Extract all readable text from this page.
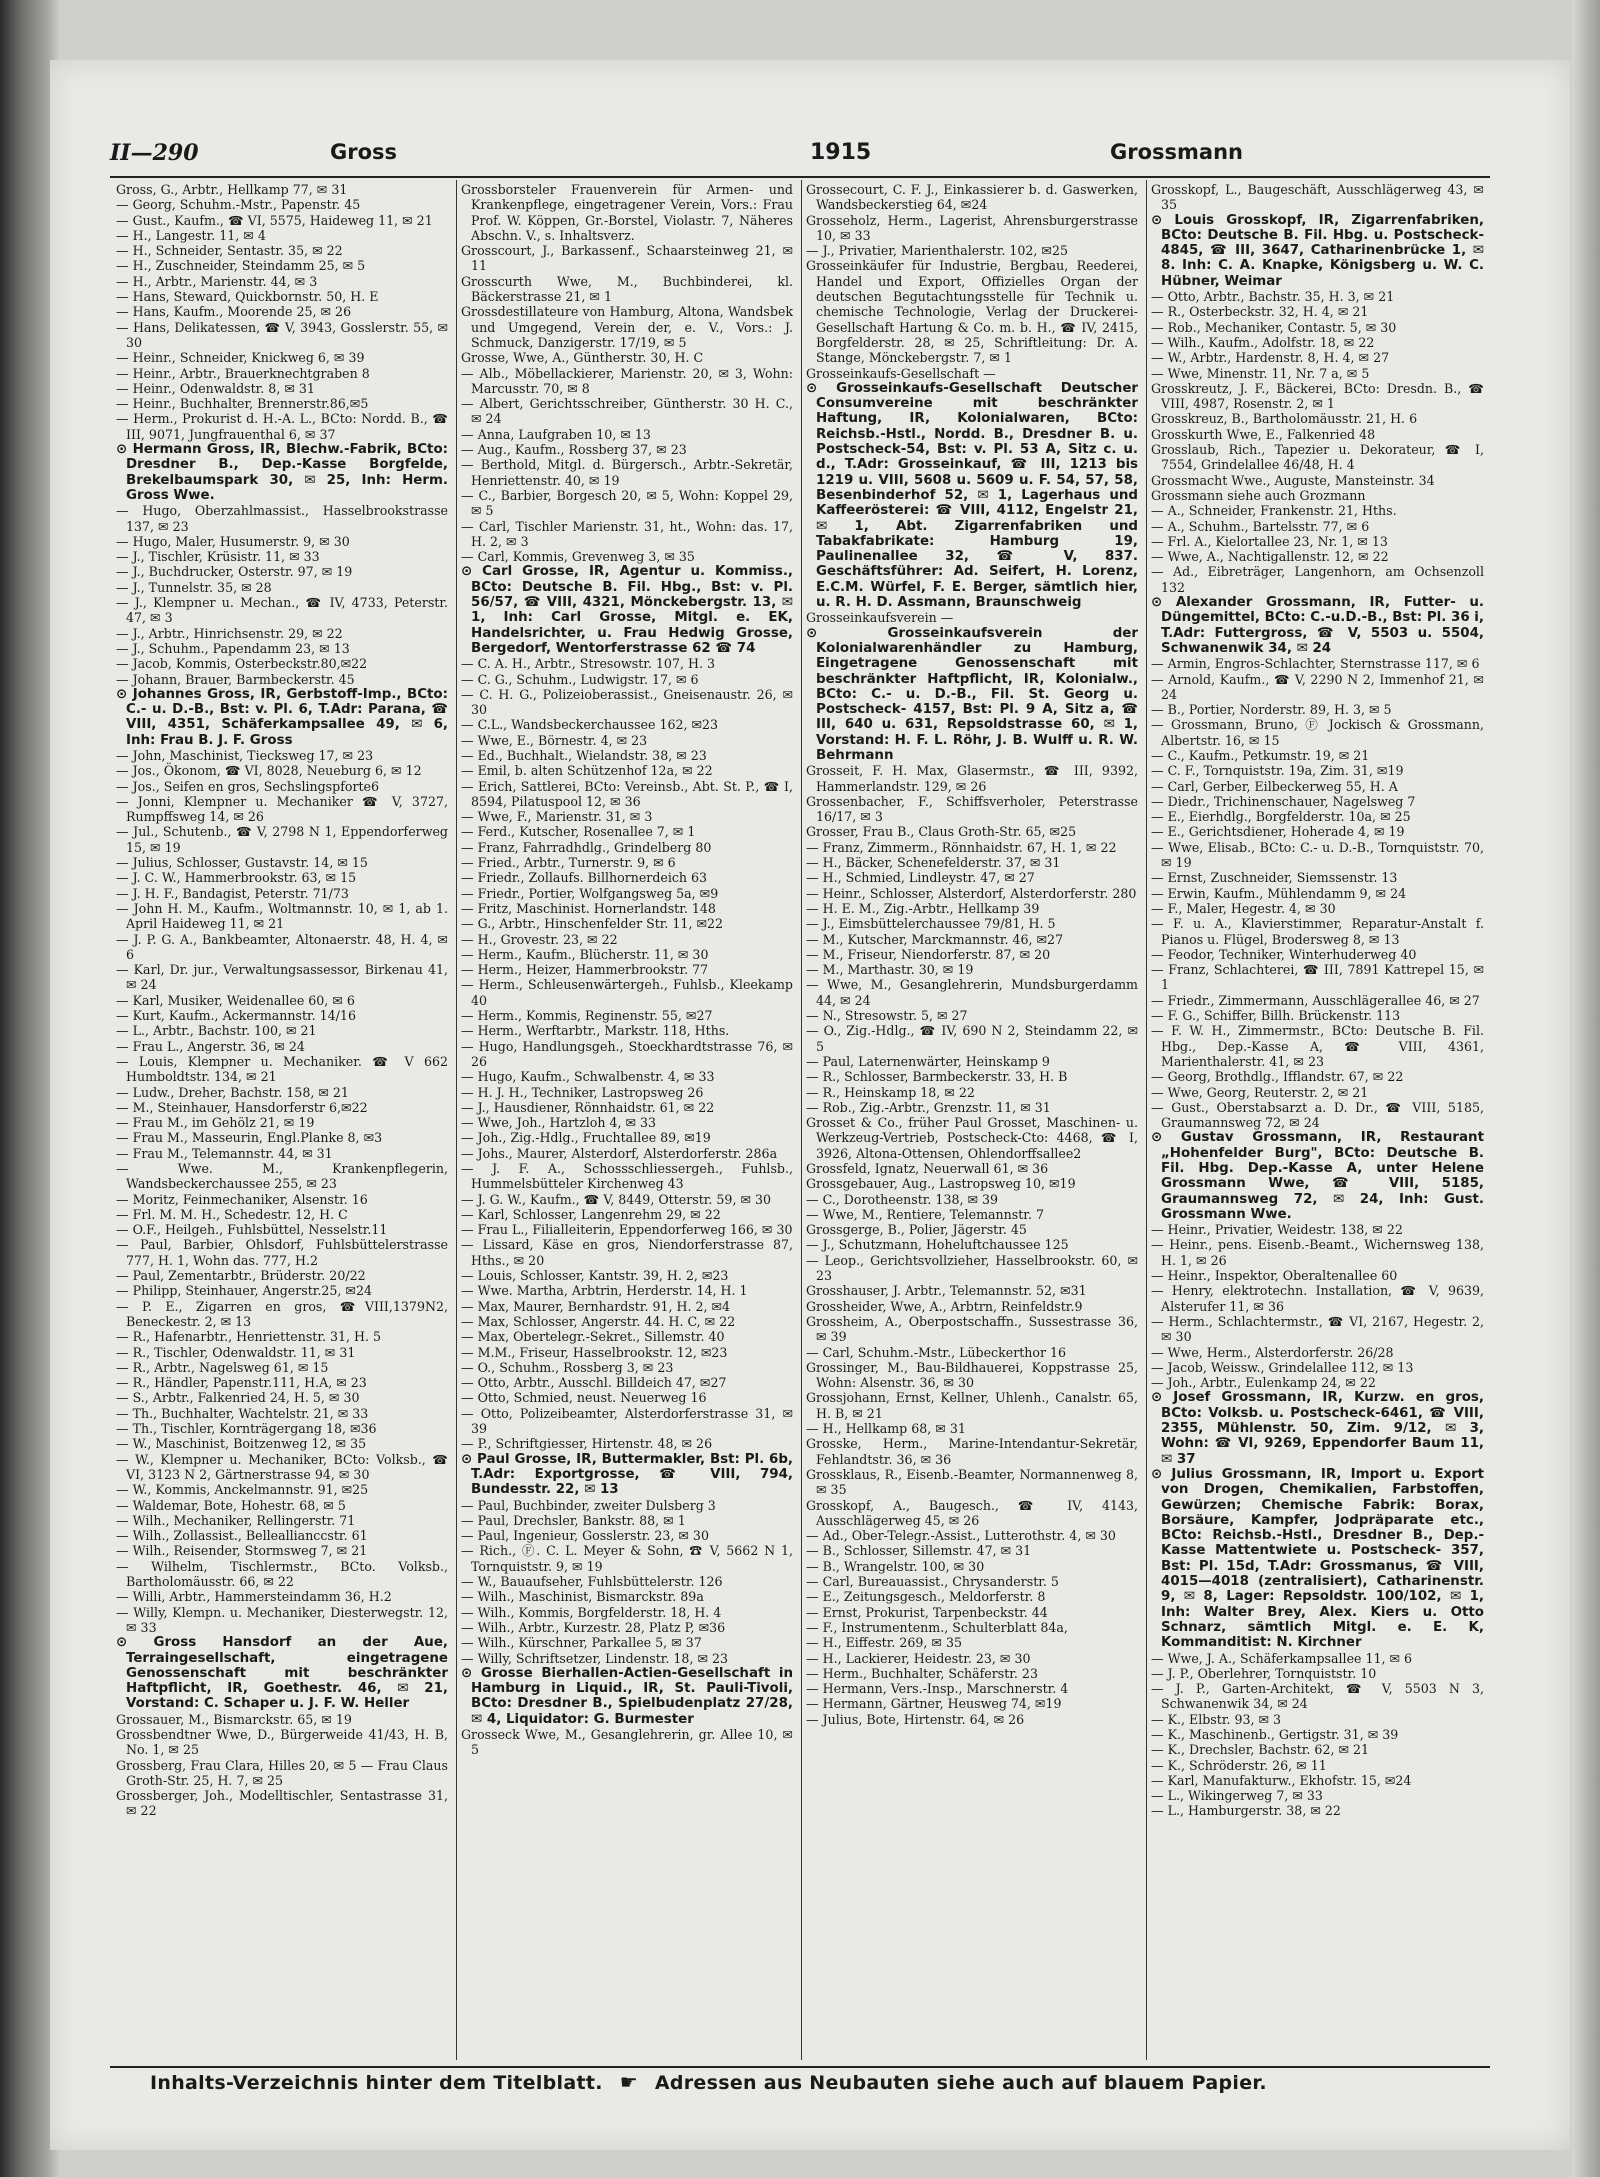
II—290	Gross	1915	Grossmann

Gross, G., Arbtr., Hellkamp 77, ✉ 31

— Georg, Schuhm.-Mstr., Papenstr. 45

— Gust., Kaufm., ☎ VI, 5575, Haideweg 11, ✉ 21

— H., Langestr. 11, ✉ 4

— H., Schneider, Sentastr. 35, ✉ 22

— H., Zuschneider, Steindamm 25, ✉ 5

— H., Arbtr., Marienstr. 44, ✉ 3

— Hans, Steward, Quickbornstr. 50, H. E

— Hans, Kaufm., Moorende 25, ✉ 26

— Hans, Delikatessen, ☎ V, 3943, Gosslerstr. 55, ✉ 30

— Heinr., Schneider, Knickweg 6, ✉ 39

— Heinr., Arbtr., Brauerknechtgraben 8

— Heinr., Odenwaldstr. 8, ✉ 31

— Heinr., Buchhalter, Brennerstr.86,✉5

— Herm., Prokurist d. H.-A. L., BCto: Nordd. B., ☎ III, 9071, Jungfrauenthal 6, ✉ 37

⊙ Hermann Gross, IR, Blechw.-Fabrik, BCto: Dresdner B., Dep.-Kasse Borgfelde, Brekelbaumspark 30, ✉ 25, Inh: Herm. Gross Wwe.

— Hugo, Oberzahlmassist., Hasselbrookstrasse 137, ✉ 23

— Hugo, Maler, Husumerstr. 9, ✉ 30

— J., Tischler, Krüsistr. 11, ✉ 33

— J., Buchdrucker, Osterstr. 97, ✉ 19

— J., Tunnelstr. 35, ✉ 28

— J., Klempner u. Mechan., ☎ IV, 4733, Peterstr. 47, ✉ 3

— J., Arbtr., Hinrichsenstr. 29, ✉ 22

— J., Schuhm., Papendamm 23, ✉ 13

— Jacob, Kommis, Osterbeckstr.80,✉22

— Johann, Brauer, Barmbeckerstr. 45

⊙ Johannes Gross, IR, Gerbstoff-Imp., BCto: C.- u. D.-B., Bst: v. Pl. 6, T.Adr: Parana, ☎ VIII, 4351, Schäferkampsallee 49, ✉ 6, Inh: Frau B. J. F. Gross

— John, Maschinist, Tiecksweg 17, ✉ 23

— Jos., Ökonom, ☎ VI, 8028, Neueburg 6, ✉ 12

— Jos., Seifen en gros, Sechslingspforte6

— Jonni, Klempner u. Mechaniker ☎ V, 3727, Rumpffsweg 14, ✉ 26

— Jul., Schutenb., ☎ V, 2798 N 1, Eppendorferweg 15, ✉ 19

— Julius, Schlosser, Gustavstr. 14, ✉ 15

— J. C. W., Hammerbrookstr. 63, ✉ 15

— J. H. F., Bandagist, Peterstr. 71/73

— John H. M., Kaufm., Woltmannstr. 10, ✉ 1, ab 1. April Haideweg 11, ✉ 21

— J. P. G. A., Bankbeamter, Altonaerstr. 48, H. 4, ✉ 6

— Karl, Dr. jur., Verwaltungsassessor, Birkenau 41, ✉ 24

— Karl, Musiker, Weidenallee 60, ✉ 6

— Kurt, Kaufm., Ackermannstr. 14/16

— L., Arbtr., Bachstr. 100, ✉ 21

— Frau L., Angerstr. 36, ✉ 24

— Louis, Klempner u. Mechaniker. ☎ V 662 Humboldtstr. 134, ✉ 21

— Ludw., Dreher, Bachstr. 158, ✉ 21

— M., Steinhauer, Hansdorferstr 6,✉22

— Frau M., im Gehölz 21, ✉ 19

— Frau M., Masseurin, Engl.Planke 8, ✉3

— Frau M., Telemannstr. 44, ✉ 31

— Wwe. M., Krankenpflegerin, Wandsbeckerchaussee 255, ✉ 23

— Moritz, Feinmechaniker, Alsenstr. 16

— Frl. M. M. H., Schedestr. 12, H. C

— O.F., Heilgeh., Fuhlsbüttel, Nesselstr.11

— Paul, Barbier, Ohlsdorf, Fuhlsbüttelerstrasse 777, H. 1, Wohn das. 777, H.2

— Paul, Zementarbtr., Brüderstr. 20/22

— Philipp, Steinhauer, Angerstr.25, ✉24

— P. E., Zigarren en gros, ☎VIII,1379N2, Beneckestr. 2, ✉ 13

— R., Hafenarbtr., Henriettenstr. 31, H. 5

— R., Tischler, Odenwaldstr. 11, ✉ 31

— R., Arbtr., Nagelsweg 61, ✉ 15

— R., Händler, Papenstr.111, H.A, ✉ 23

— S., Arbtr., Falkenried 24, H. 5, ✉ 30

— Th., Buchhalter, Wachtelstr. 21, ✉ 33

— Th., Tischler, Kornträgergang 18, ✉36

— W., Maschinist, Boitzenweg 12, ✉ 35

— W., Klempner u. Mechaniker, BCto: Volksb., ☎ VI, 3123 N 2, Gärtnerstrasse 94, ✉ 30

— W., Kommis, Anckelmannstr. 91, ✉25

— Waldemar, Bote, Hohestr. 68, ✉ 5

— Wilh., Mechaniker, Rellingerstr. 71

— Wilh., Zollassist., Belleallianccstr. 61

— Wilh., Reisender, Stormsweg 7, ✉ 21

— Wilhelm, Tischlermstr., BCto. Volksb., Bartholomäusstr. 66, ✉ 22

— Willi, Arbtr., Hammersteindamm 36, H.2

— Willy, Klempn. u. Mechaniker, Diesterwegstr. 12, ✉ 33

⊙ Gross Hansdorf an der Aue, Terraingesellschaft, eingetragene Genossenschaft mit beschränkter Haftpflicht, IR, Goethestr. 46, ✉ 21, Vorstand: C. Schaper u. J. F. W. Heller

Grossauer, M., Bismarckstr. 65, ✉ 19

Grossbendtner Wwe, D., Bürgerweide 41/43, H. B, No. 1, ✉ 25

Grossberg, Frau Clara, Hilles 20, ✉ 5 — Frau Claus Groth-Str. 25, H. 7, ✉ 25

Grossberger, Joh., Modelltischler, Sentastrasse 31, ✉ 22

Grossborsteler Frauenverein für Armen- und Krankenpflege, eingetragener Verein, Vors.: Frau Prof. W. Köppen, Gr.-Borstel, Violastr. 7, Näheres Abschn. V., s. Inhaltsverz.

Grosscourt, J., Barkassenf., Schaarsteinweg 21, ✉ 11

Grosscurth Wwe, M., Buchbinderei, kl. Bäckerstrasse 21, ✉ 1

Grossdestillateure von Hamburg, Altona, Wandsbek und Umgegend, Verein der, e. V., Vors.: J. Schmuck, Danzigerstr. 17/19, ✉ 5

Grosse, Wwe, A., Güntherstr. 30, H. C

— Alb., Möbellackierer, Marienstr. 20, ✉ 3, Wohn: Marcusstr. 70, ✉ 8

— Albert, Gerichtsschreiber, Güntherstr. 30 H. C., ✉ 24

— Anna, Laufgraben 10, ✉ 13

— Aug., Kaufm., Rossberg 37, ✉ 23

— Berthold, Mitgl. d. Bürgersch., Arbtr.-Sekretär, Henriettenstr. 40, ✉ 19

— C., Barbier, Borgesch 20, ✉ 5, Wohn: Koppel 29, ✉ 5

— Carl, Tischler Marienstr. 31, ht., Wohn: das. 17, H. 2, ✉ 3

— Carl, Kommis, Grevenweg 3, ✉ 35

⊙ Carl Grosse, IR, Agentur u. Kommiss., BCto: Deutsche B. Fil. Hbg., Bst: v. Pl. 56/57, ☎ VIII, 4321, Mönckebergstr. 13, ✉ 1, Inh: Carl Grosse, Mitgl. e. EK, Handelsrichter, u. Frau Hedwig Grosse, Bergedorf, Wentorferstrasse 62 ☎ 74

— C. A. H., Arbtr., Stresowstr. 107, H. 3

— C. G., Schuhm., Ludwigstr. 17, ✉ 6

— C. H. G., Polizeioberassist., Gneisenaustr. 26, ✉ 30

— C.L., Wandsbeckerchaussee 162, ✉23

— Wwe, E., Börnestr. 4, ✉ 23

— Ed., Buchhalt., Wielandstr. 38, ✉ 23

— Emil, b. alten Schützenhof 12a, ✉ 22

— Erich, Sattlerei, BCto: Vereinsb., Abt. St. P., ☎ I, 8594, Pilatuspool 12, ✉ 36

— Wwe, F., Marienstr. 31, ✉ 3

— Ferd., Kutscher, Rosenallee 7, ✉ 1

— Franz, Fahrradhdlg., Grindelberg 80

— Fried., Arbtr., Turnerstr. 9, ✉ 6

— Friedr., Zollaufs. Billhornerdeich 63

— Friedr., Portier, Wolfgangsweg 5a, ✉9

— Fritz, Maschinist. Hornerlandstr. 148

— G., Arbtr., Hinschenfelder Str. 11, ✉22

— H., Grovestr. 23, ✉ 22

— Herm., Kaufm., Blücherstr. 11, ✉ 30

— Herm., Heizer, Hammerbrookstr. 77

— Herm., Schleusenwärtergeh., Fuhlsb., Kleekamp 40

— Herm., Kommis, Reginenstr. 55, ✉27

— Herm., Werftarbtr., Markstr. 118, Hths.

— Hugo, Handlungsgeh., Stoeckhardtstrasse 76, ✉ 26

— Hugo, Kaufm., Schwalbenstr. 4, ✉ 33

— H. J. H., Techniker, Lastropsweg 26

— J., Hausdiener, Rönnhaidstr. 61, ✉ 22

— Wwe, Joh., Hartzloh 4, ✉ 33

— Joh., Zig.-Hdlg., Fruchtallee 89, ✉19

— Johs., Maurer, Alsterdorf, Alsterdorferstr. 286a

— J. F. A., Schossschliessergeh., Fuhlsb., Hummelsbütteler Kirchenweg 43

— J. G. W., Kaufm., ☎ V, 8449, Otterstr. 59, ✉ 30

— Karl, Schlosser, Langenrehm 29, ✉ 22

— Frau L., Filialleiterin, Eppendorferweg 166, ✉ 30

— Lissard, Käse en gros, Niendorferstrasse 87, Hths., ✉ 20

— Louis, Schlosser, Kantstr. 39, H. 2, ✉23

— Wwe. Martha, Arbtrin, Herderstr. 14, H. 1

— Max, Maurer, Bernhardstr. 91, H. 2, ✉4

— Max, Schlosser, Angerstr. 44. H. C, ✉ 22

— Max, Obertelegr.-Sekret., Sillemstr. 40

— M.M., Friseur, Hasselbrookstr. 12, ✉23

— O., Schuhm., Rossberg 3, ✉ 23

— Otto, Arbtr., Ausschl. Billdeich 47, ✉27

— Otto, Schmied, neust. Neuerweg 16

— Otto, Polizeibeamter, Alsterdorferstrasse 31, ✉ 39

— P., Schriftgiesser, Hirtenstr. 48, ✉ 26

⊙ Paul Grosse, IR, Buttermakler, Bst: Pl. 6b, T.Adr: Exportgrosse, ☎ VIII, 794, Bundesstr. 22, ✉ 13

— Paul, Buchbinder, zweiter Dulsberg 3

— Paul, Drechsler, Bankstr. 88, ✉ 1

— Paul, Ingenieur, Gosslerstr. 23, ✉ 30

— Rich., Ⓕ. C. L. Meyer & Sohn, ☎ V, 5662 N 1, Tornquiststr. 9, ✉ 19

— W., Bauaufseher, Fuhlsbüttelerstr. 126

— Wilh., Maschinist, Bismarckstr. 89a

— Wilh., Kommis, Borgfelderstr. 18, H. 4

— Wilh., Arbtr., Kurzestr. 28, Platz P, ✉36

— Wilh., Kürschner, Parkallee 5, ✉ 37

— Willy, Schriftsetzer, Lindenstr. 18, ✉ 23

⊙ Grosse Bierhallen-Actien-Gesellschaft in Hamburg in Liquid., IR, St. Pauli-Tivoli, BCto: Dresdner B., Spielbudenplatz 27/28, ✉ 4, Liquidator: G. Burmester

Grosseck Wwe, M., Gesanglehrerin, gr. Allee 10, ✉ 5

Grossecourt, C. F. J., Einkassierer b. d. Gaswerken, Wandsbeckerstieg 64, ✉24

Grosseholz, Herm., Lagerist, Ahrensburgerstrasse 10, ✉ 33

— J., Privatier, Marienthalerstr. 102, ✉25

Grosseinkäufer für Industrie, Bergbau, Reederei, Handel und Export, Offizielles Organ der deutschen Begutachtungsstelle für Technik u. chemische Technologie, Verlag der Druckerei-Gesellschaft Hartung & Co. m. b. H., ☎ IV, 2415, Borgfelderstr. 28, ✉ 25, Schriftleitung: Dr. A. Stange, Mönckebergstr. 7, ✉ 1

Grosseinkaufs-Gesellschaft —

⊙ Grosseinkaufs-Gesellschaft Deutscher Consumvereine mit beschränkter Haftung, IR, Kolonialwaren, BCto: Reichsb.-Hstl., Nordd. B., Dresdner B. u. Postscheck-54, Bst: v. Pl. 53 A, Sitz c. u. d., T.Adr: Grosseinkauf, ☎ III, 1213 bis 1219 u. VIII, 5608 u. 5609 u. F. 54, 57, 58, Besenbinderhof 52, ✉ 1, Lagerhaus und Kaffeerösterei: ☎ VIII, 4112, Engelstr 21, ✉ 1, Abt. Zigarrenfabriken und Tabakfabrikate: Hamburg 19, Paulinenallee 32, ☎ V, 837. Geschäftsführer: Ad. Seifert, H. Lorenz, E.C.M. Würfel, F. E. Berger, sämtlich hier, u. R. H. D. Assmann, Braunschweig

Grosseinkaufsverein —

⊙ Grosseinkaufsverein der Kolonialwarenhändler zu Hamburg, Eingetragene Genossenschaft mit beschränkter Haftpflicht, IR, Kolonialw., BCto: C.- u. D.-B., Fil. St. Georg u. Postscheck- 4157, Bst: Pl. 9 A, Sitz a, ☎ III, 640 u. 631, Repsoldstrasse 60, ✉ 1, Vorstand: H. F. L. Röhr, J. B. Wulff u. R. W. Behrmann

Grosseit, F. H. Max, Glasermstr., ☎ III, 9392, Hammerlandstr. 129, ✉ 26

Grossenbacher, F., Schiffsverholer, Peterstrasse 16/17, ✉ 3

Grosser, Frau B., Claus Groth-Str. 65, ✉25

— Franz, Zimmerm., Rönnhaidstr. 67, H. 1, ✉ 22

— H., Bäcker, Schenefelderstr. 37, ✉ 31

— H., Schmied, Lindleystr. 47, ✉ 27

— Heinr., Schlosser, Alsterdorf, Alsterdorferstr. 280

— H. E. M., Zig.-Arbtr., Hellkamp 39

— J., Eimsbüttelerchaussee 79/81, H. 5

— M., Kutscher, Marckmannstr. 46, ✉27

— M., Friseur, Niendorferstr. 87, ✉ 20

— M., Marthastr. 30, ✉ 19

— Wwe, M., Gesanglehrerin, Mundsburgerdamm 44, ✉ 24

— N., Stresowstr. 5, ✉ 27

— O., Zig.-Hdlg., ☎ IV, 690 N 2, Steindamm 22, ✉ 5

— Paul, Laternenwärter, Heinskamp 9

— R., Schlosser, Barmbeckerstr. 33, H. B

— R., Heinskamp 18, ✉ 22

— Rob., Zig.-Arbtr., Grenzstr. 11, ✉ 31

Grosset & Co., früher Paul Grosset, Maschinen- u. Werkzeug-Vertrieb, Postscheck-Cto: 4468, ☎ I, 3926, Altona-Ottensen, Ohlendorffsallee2

Grossfeld, Ignatz, Neuerwall 61, ✉ 36

Grossgebauer, Aug., Lastropsweg 10, ✉19

— C., Dorotheenstr. 138, ✉ 39

— Wwe, M., Rentiere, Telemannstr. 7

Grossgerge, B., Polier, Jägerstr. 45

— J., Schutzmann, Hoheluftchaussee 125

— Leop., Gerichtsvollzieher, Hasselbrookstr. 60, ✉ 23

Grosshauser, J. Arbtr., Telemannstr. 52, ✉31

Grossheider, Wwe, A., Arbtrn, Reinfeldstr.9

Grossheim, A., Oberpostschaffn., Sussestrasse 36, ✉ 39

— Carl, Schuhm.-Mstr., Lübeckerthor 16

Grossinger, M., Bau-Bildhauerei, Koppstrasse 25, Wohn: Alsenstr. 36, ✉ 30

Grossjohann, Ernst, Kellner, Uhlenh., Canalstr. 65, H. B, ✉ 21

— H., Hellkamp 68, ✉ 31

Grosske, Herm., Marine-Intendantur-Sekretär, Fehlandtstr. 36, ✉ 36

Grossklaus, R., Eisenb.-Beamter, Normannenweg 8, ✉ 35

Grosskopf, A., Baugesch., ☎ IV, 4143, Ausschlägerweg 45, ✉ 26

— Ad., Ober-Telegr.-Assist., Lutterothstr. 4, ✉ 30

— B., Schlosser, Sillemstr. 47, ✉ 31

— B., Wrangelstr. 100, ✉ 30

— Carl, Bureauassist., Chrysanderstr. 5

— E., Zeitungsgesch., Meldorferstr. 8

— Ernst, Prokurist, Tarpenbeckstr. 44

— F., Instrumentenm., Schulterblatt 84a,

— H., Eiffestr. 269, ✉ 35

— H., Lackierer, Heidestr. 23, ✉ 30

— Herm., Buchhalter, Schäferstr. 23

— Hermann, Vers.-Insp., Marschnerstr. 4

— Hermann, Gärtner, Heusweg 74, ✉19

— Julius, Bote, Hirtenstr. 64, ✉ 26

Grosskopf, L., Baugeschäft, Ausschlägerweg 43, ✉ 35

⊙ Louis Grosskopf, IR, Zigarrenfabriken, BCto: Deutsche B. Fil. Hbg. u. Postscheck- 4845, ☎ III, 3647, Catharinenbrücke 1, ✉ 8. Inh: C. A. Knapke, Königsberg u. W. C. Hübner, Weimar

— Otto, Arbtr., Bachstr. 35, H. 3, ✉ 21

— R., Osterbeckstr. 32, H. 4, ✉ 21

— Rob., Mechaniker, Contastr. 5, ✉ 30

— Wilh., Kaufm., Adolfstr. 18, ✉ 22

— W., Arbtr., Hardenstr. 8, H. 4, ✉ 27

— Wwe, Minenstr. 11, Nr. 7 a, ✉ 5

Grosskreutz, J. F., Bäckerei, BCto: Dresdn. B., ☎ VIII, 4987, Rosenstr. 2, ✉ 1

Grosskreuz, B., Bartholomäusstr. 21, H. 6

Grosskurth Wwe, E., Falkenried 48

Grosslaub, Rich., Tapezier u. Dekorateur, ☎ I, 7554, Grindelallee 46/48, H. 4

Grossmacht Wwe., Auguste, Mansteinstr. 34

Grossmann siehe auch Grozmann

— A., Schneider, Frankenstr. 21, Hths.

— A., Schuhm., Bartelsstr. 77, ✉ 6

— Frl. A., Kielortallee 23, Nr. 1, ✉ 13

— Wwe, A., Nachtigallenstr. 12, ✉ 22

— Ad., Eibreträger, Langenhorn, am Ochsenzoll 132

⊙ Alexander Grossmann, IR, Futter- u. Düngemittel, BCto: C.-u.D.-B., Bst: Pl. 36 i, T.Adr: Futtergross, ☎ V, 5503 u. 5504, Schwanenwik 34, ✉ 24

— Armin, Engros-Schlachter, Sternstrasse 117, ✉ 6

— Arnold, Kaufm., ☎ V, 2290 N 2, Immenhof 21, ✉ 24

— B., Portier, Norderstr. 89, H. 3, ✉ 5

— Grossmann, Bruno, Ⓕ Jockisch & Grossmann, Albertstr. 16, ✉ 15

— C., Kaufm., Petkumstr. 19, ✉ 21

— C. F., Tornquiststr. 19a, Zim. 31, ✉19

— Carl, Gerber, Eilbeckerweg 55, H. A

— Diedr., Trichinenschauer, Nagelsweg 7

— E., Eierhdlg., Borgfelderstr. 10a, ✉ 25

— E., Gerichtsdiener, Hoherade 4, ✉ 19

— Wwe, Elisab., BCto: C.- u. D.-B., Tornquiststr. 70, ✉ 19

— Ernst, Zuschneider, Siemssenstr. 13

— Erwin, Kaufm., Mühlendamm 9, ✉ 24

— F., Maler, Hegestr. 4, ✉ 30

— F. u. A., Klavierstimmer, Reparatur-Anstalt f. Pianos u. Flügel, Brodersweg 8, ✉ 13

— Feodor, Techniker, Winterhuderweg 40

— Franz, Schlachterei, ☎ III, 7891 Kattrepel 15, ✉ 1

— Friedr., Zimmermann, Ausschlägerallee 46, ✉ 27

— F. G., Schiffer, Billh. Brückenstr. 113

— F. W. H., Zimmermstr., BCto: Deutsche B. Fil. Hbg., Dep.-Kasse A, ☎ VIII, 4361, Marienthalerstr. 41, ✉ 23

— Georg, Brothdlg., Ifflandstr. 67, ✉ 22

— Wwe, Georg, Reuterstr. 2, ✉ 21

— Gust., Oberstabsarzt a. D. Dr., ☎ VIII, 5185, Graumannsweg 72, ✉ 24

⊙ Gustav Grossmann, IR, Restaurant „Hohenfelder Burg", BCto: Deutsche B. Fil. Hbg. Dep.-Kasse A, unter Helene Grossmann Wwe, ☎ VIII, 5185, Graumannsweg 72, ✉ 24, Inh: Gust. Grossmann Wwe.

— Heinr., Privatier, Weidestr. 138, ✉ 22

— Heinr., pens. Eisenb.-Beamt., Wichernsweg 138, H. 1, ✉ 26

— Heinr., Inspektor, Oberaltenallee 60

— Henry, elektrotechn. Installation, ☎ V, 9639, Alsterufer 11, ✉ 36

— Herm., Schlachtermstr., ☎ VI, 2167, Hegestr. 2, ✉ 30

— Wwe, Herm., Alsterdorferstr. 26/28

— Jacob, Weissw., Grindelallee 112, ✉ 13

— Joh., Arbtr., Eulenkamp 24, ✉ 22

⊙ Josef Grossmann, IR, Kurzw. en gros, BCto: Volksb. u. Postscheck-6461, ☎ VIII, 2355, Mühlenstr. 50, Zim. 9/12, ✉ 3, Wohn: ☎ VI, 9269, Eppendorfer Baum 11, ✉ 37

⊙ Julius Grossmann, IR, Import u. Export von Drogen, Chemikalien, Farbstoffen, Gewürzen; Chemische Fabrik: Borax, Borsäure, Kampfer, Jodpräparate etc., BCto: Reichsb.-Hstl., Dresdner B., Dep.-Kasse Mattentwiete u. Postscheck- 357, Bst: Pl. 15d, T.Adr: Grossmanus, ☎ VIII, 4015—4018 (zentralisiert), Catharinenstr. 9, ✉ 8, Lager: Repsoldstr. 100/102, ✉ 1, Inh: Walter Brey, Alex. Kiers u. Otto Schnarz, sämtlich Mitgl. e. E. K, Kommanditist: N. Kirchner

— Wwe, J. A., Schäferkampsallee 11, ✉ 6

— J. P., Oberlehrer, Tornquiststr. 10

— J. P., Garten-Architekt, ☎ V, 5503 N 3, Schwanenwik 34, ✉ 24

— K., Elbstr. 93, ✉ 3

— K., Maschinenb., Gertigstr. 31, ✉ 39

— K., Drechsler, Bachstr. 62, ✉ 21

— K., Schröderstr. 26, ✉ 11

— Karl, Manufakturw., Ekhofstr. 15, ✉24

— L., Wikingerweg 7, ✉ 33

— L., Hamburgerstr. 38, ✉ 22

Inhalts-Verzeichnis hinter dem Titelblatt. ☛ Adressen aus Neubauten siehe auch auf blauem Papier.
